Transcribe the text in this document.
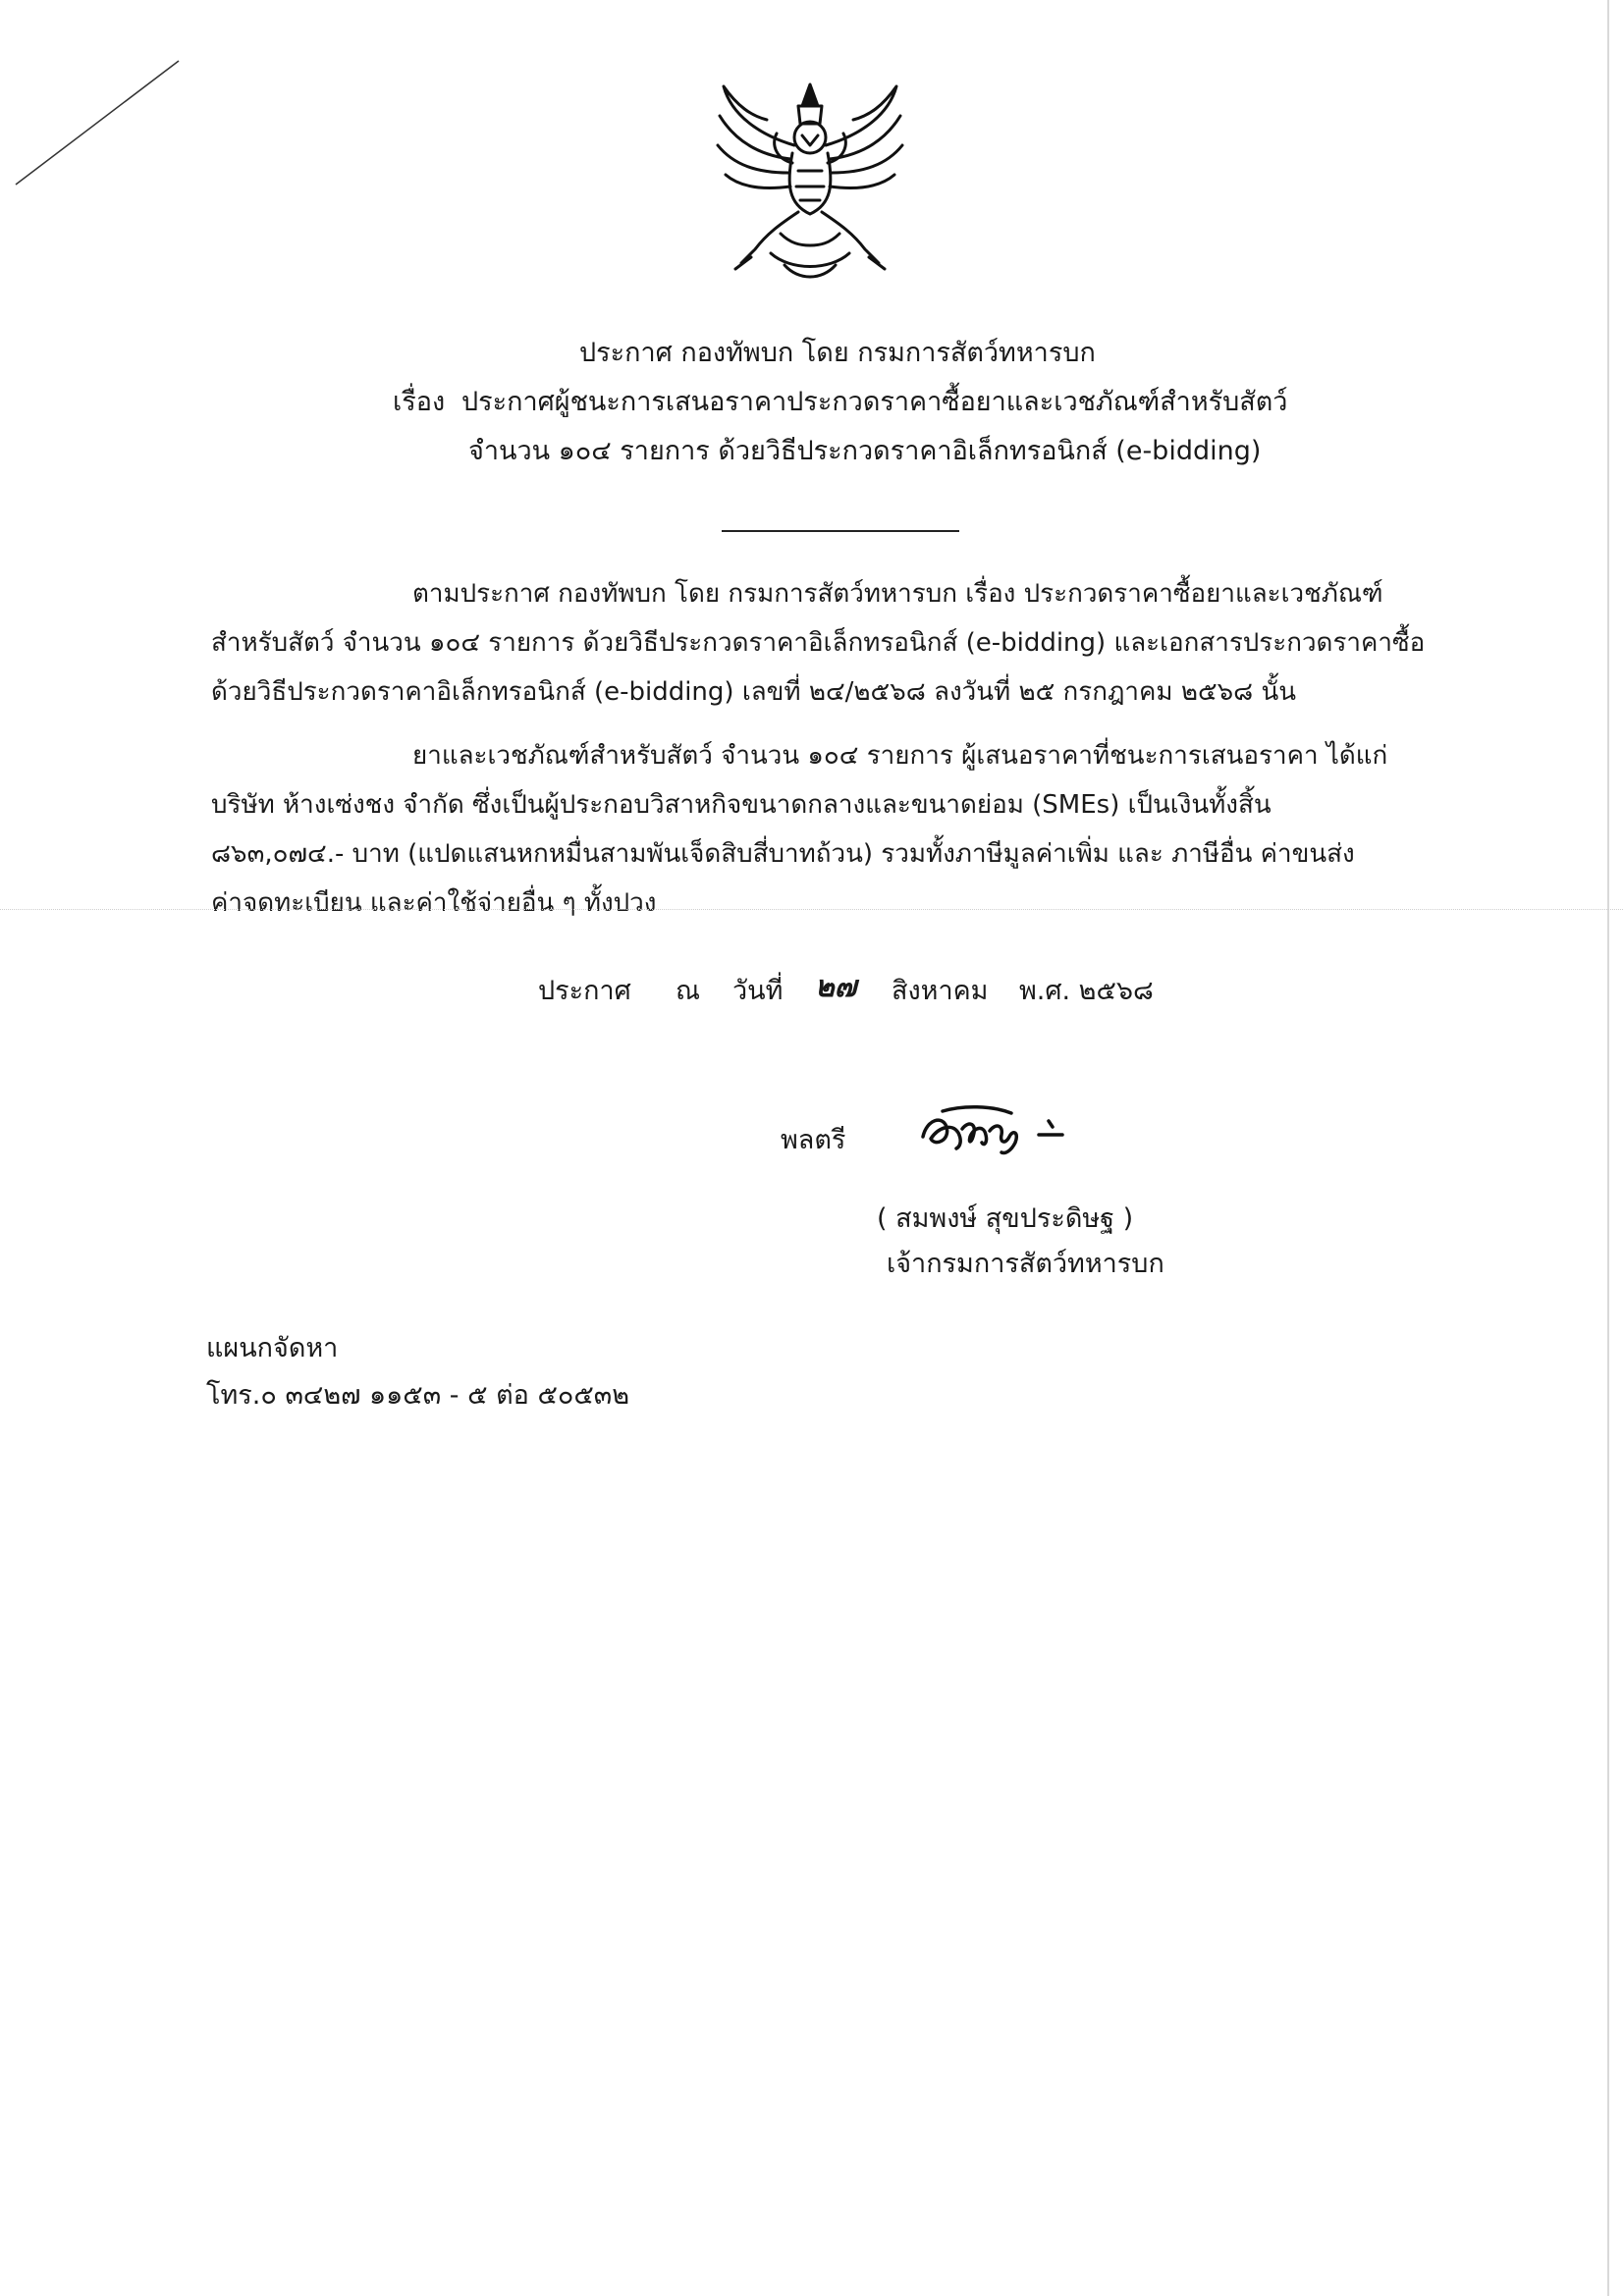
ประกาศ กองทัพบก โดย กรมการสัตว์ทหารบก
เรื่อง ประกาศผู้ชนะการเสนอราคาประกวดราคาซื้อยาและเวชภัณฑ์สำหรับสัตว์
จำนวน ๑๐๔ รายการ ด้วยวิธีประกวดราคาอิเล็กทรอนิกส์ (e-bidding)
ตามประกาศ กองทัพบก โดย กรมการสัตว์ทหารบก เรื่อง ประกวดราคาซื้อยาและเวชภัณฑ์
สำหรับสัตว์ จำนวน ๑๐๔ รายการ ด้วยวิธีประกวดราคาอิเล็กทรอนิกส์ (e-bidding) และเอกสารประกวดราคาซื้อ
ด้วยวิธีประกวดราคาอิเล็กทรอนิกส์ (e-bidding) เลขที่ ๒๔/๒๕๖๘ ลงวันที่ ๒๕ กรกฎาคม ๒๕๖๘ นั้น
ยาและเวชภัณฑ์สำหรับสัตว์ จำนวน ๑๐๔ รายการ ผู้เสนอราคาที่ชนะการเสนอราคา ได้แก่
บริษัท ห้างเซ่งชง จำกัด ซึ่งเป็นผู้ประกอบวิสาหกิจขนาดกลางและขนาดย่อม (SMEs) เป็นเงินทั้งสิ้น
๘๖๓,๐๗๔.- บาท (แปดแสนหกหมื่นสามพันเจ็ดสิบสี่บาทถ้วน) รวมทั้งภาษีมูลค่าเพิ่ม และ ภาษีอื่น ค่าขนส่ง
ค่าจดทะเบียน และค่าใช้จ่ายอื่น ๆ ทั้งปวง
ประกาศ ณ วันที่ ๒๗ สิงหาคม พ.ศ. ๒๕๖๘
พลตรี
( สมพงษ์ สุขประดิษฐ )
เจ้ากรมการสัตว์ทหารบก
แผนกจัดหา
โทร.๐ ๓๔๒๗ ๑๑๕๓ - ๕ ต่อ ๕๐๕๓๒
